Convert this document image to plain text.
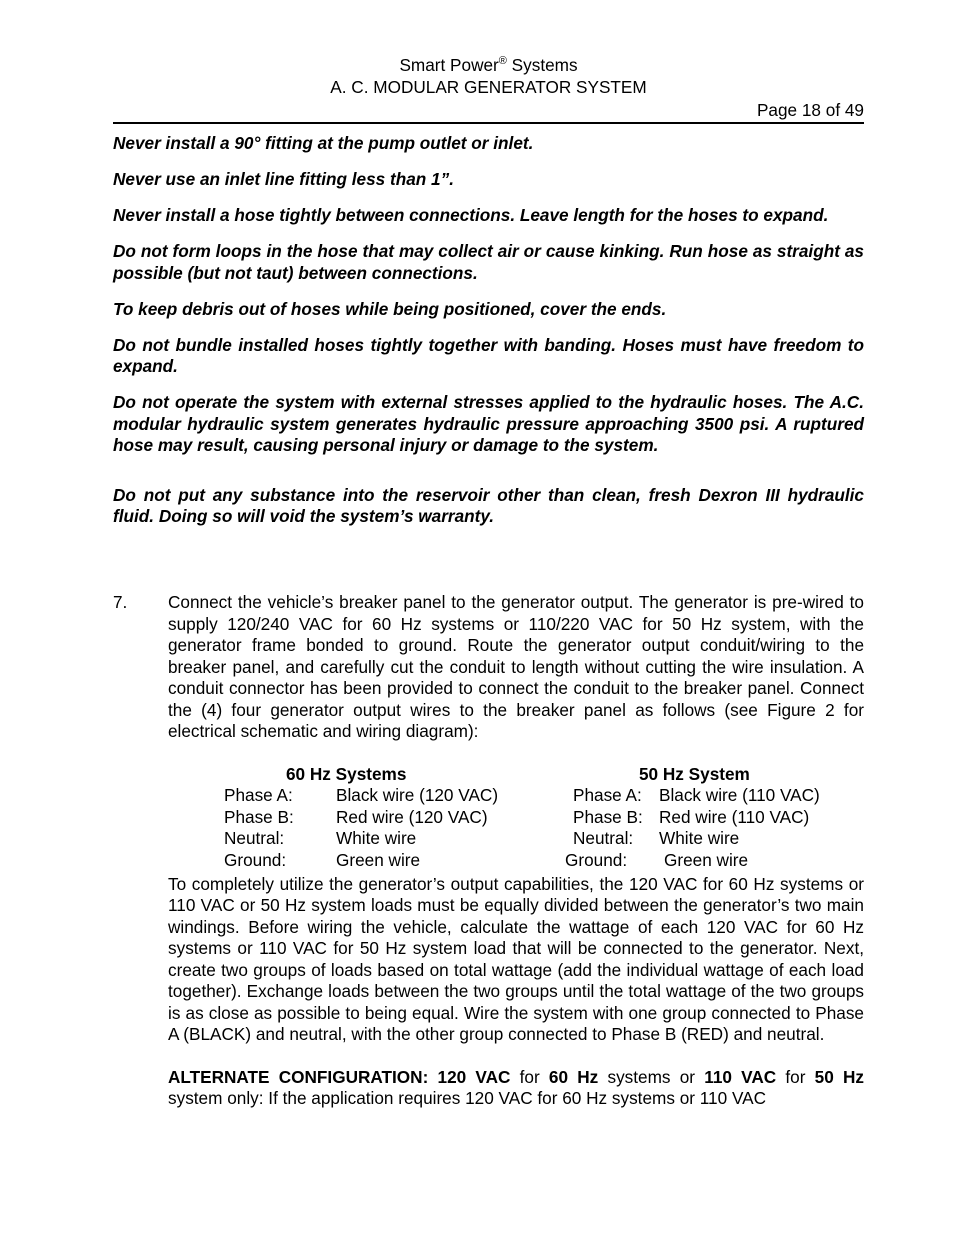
Smart Power® Systems
A. C. MODULAR GENERATOR SYSTEM
Page 18 of 49

Never install a 90° fitting at the pump outlet or inlet.

Never use an inlet line fitting less than 1”.

Never install a hose tightly between connections. Leave length for the hoses to expand.

Do not form loops in the hose that may collect air or cause kinking. Run hose as straight as possible (but not taut) between connections.

To keep debris out of hoses while being positioned, cover the ends.

Do not bundle installed hoses tightly together with banding. Hoses must have freedom to expand.

Do not operate the system with external stresses applied to the hydraulic hoses. The A.C. modular hydraulic system generates hydraulic pressure approaching 3500 psi. A ruptured hose may result, causing personal injury or damage to the system.

Do not put any substance into the reservoir other than clean, fresh Dexron III hydraulic fluid. Doing so will void the system’s warranty.

7. Connect the vehicle’s breaker panel to the generator output. The generator is pre-wired to supply 120/240 VAC for 60 Hz systems or 110/220 VAC for 50 Hz system, with the generator frame bonded to ground. Route the generator output conduit/wiring to the breaker panel, and carefully cut the conduit to length without cutting the wire insulation. A conduit connector has been provided to connect the conduit to the breaker panel. Connect the (4) four generator output wires to the breaker panel as follows (see Figure 2 for electrical schematic and wiring diagram):

60 Hz Systems
Phase A:	Black wire (120 VAC)
Phase B: Red wire (120 VAC)
Neutral:	White wire
Ground:	Green wire
50 Hz System
Phase A: Black wire (110 VAC)
Phase B: Red wire (110 VAC)
Neutral: White wire
Ground: Green wire

To completely utilize the generator’s output capabilities, the 120 VAC for 60 Hz systems or 110 VAC or 50 Hz system loads must be equally divided between the generator’s two main windings. Before wiring the vehicle, calculate the wattage of each 120 VAC for 60 Hz systems or 110 VAC for 50 Hz system load that will be connected to the generator. Next, create two groups of loads based on total wattage (add the individual wattage of each load together). Exchange loads between the two groups until the total wattage of the two groups is as close as possible to being equal. Wire the system with one group connected to Phase A (BLACK) and neutral, with the other group connected to Phase B (RED) and neutral.

ALTERNATE CONFIGURATION: 120 VAC for 60 Hz systems or 110 VAC for 50 Hz system only: If the application requires 120 VAC for 60 Hz systems or 110 VAC
